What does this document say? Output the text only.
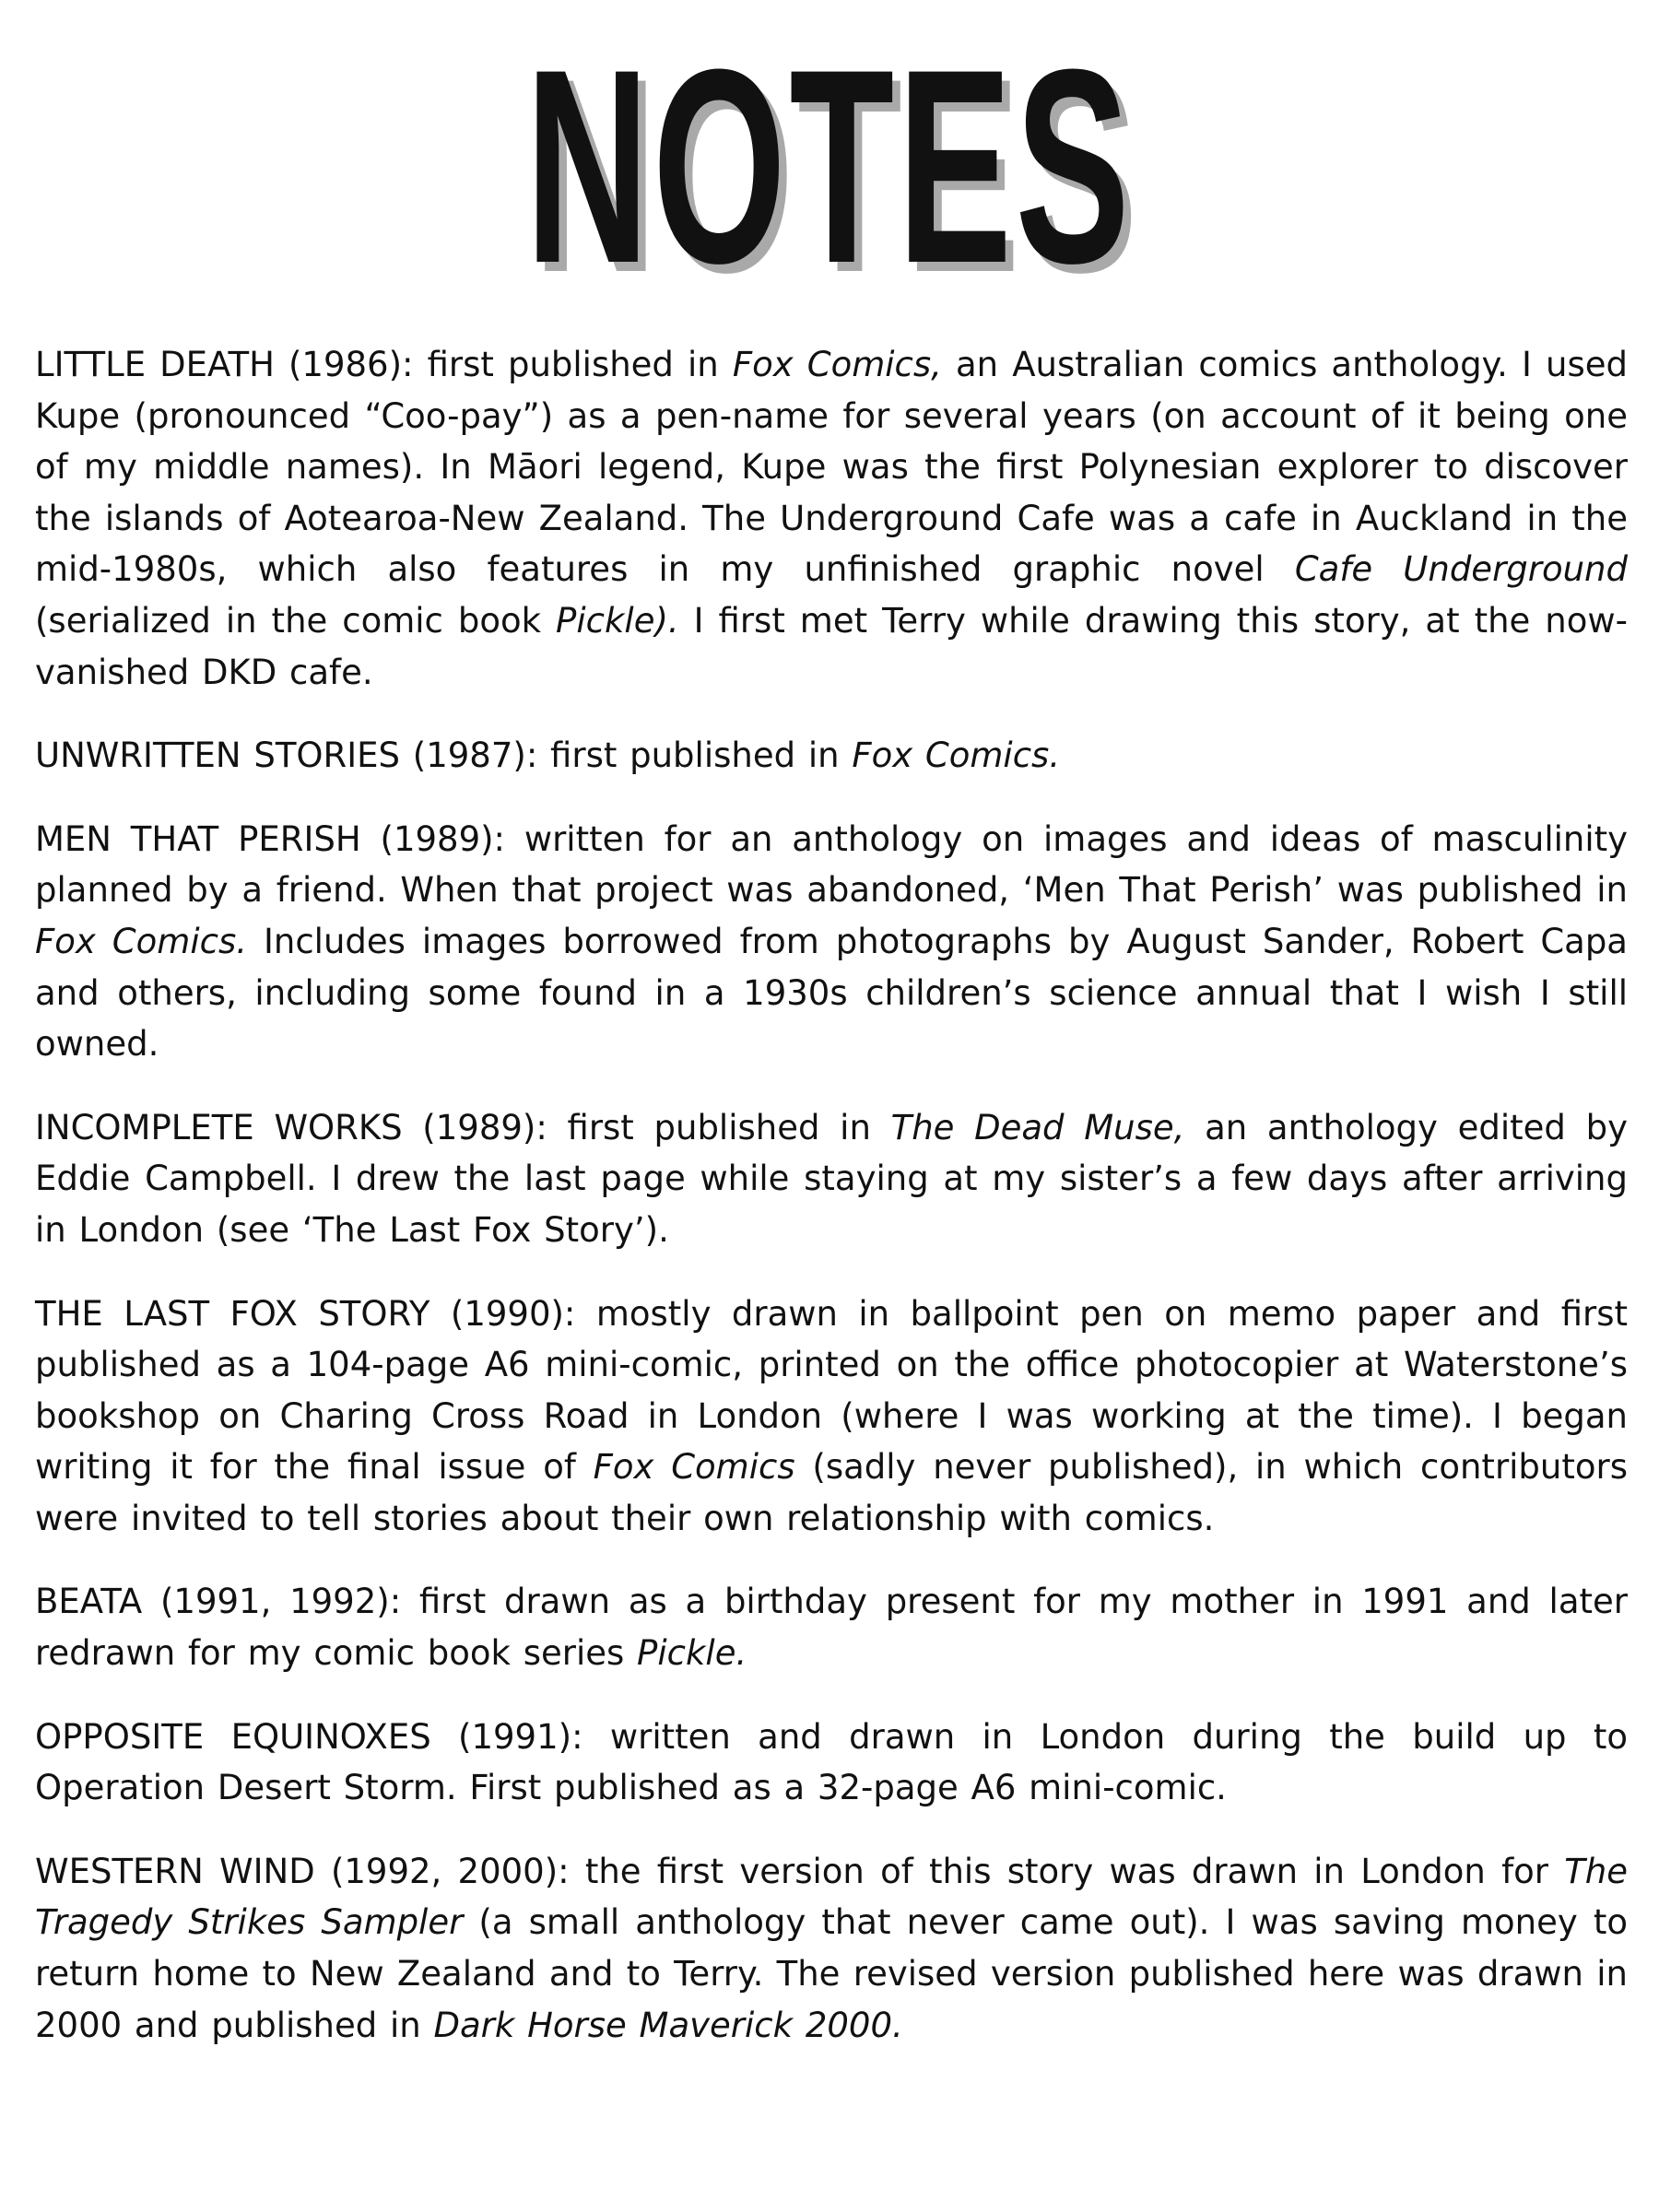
NOTES

LITTLE DEATH (1986): first published in Fox Comics, an Australian comics anthology. I used Kupe (pronounced “Coo-pay”) as a pen-name for several years (on account of it being one of my middle names). In Māori legend, Kupe was the first Polynesian explorer to discover the islands of Aotearoa-New Zealand. The Underground Cafe was a cafe in Auckland in the mid-1980s, which also features in my unfinished graphic novel Cafe Underground (serialized in the comic book Pickle). I first met Terry while drawing this story, at the now-vanished DKD cafe.

UNWRITTEN STORIES (1987): first published in Fox Comics.

MEN THAT PERISH (1989): written for an anthology on images and ideas of masculinity planned by a friend. When that project was abandoned, ‘Men That Perish’ was published in Fox Comics. Includes images borrowed from photographs by August Sander, Robert Capa and others, including some found in a 1930s children’s science annual that I wish I still owned.

INCOMPLETE WORKS (1989): first published in The Dead Muse, an anthology edited by Eddie Campbell. I drew the last page while staying at my sister’s a few days after arriving in London (see ‘The Last Fox Story’).

THE LAST FOX STORY (1990): mostly drawn in ballpoint pen on memo paper and first published as a 104-page A6 mini-comic, printed on the office photocopier at Waterstone’s bookshop on Charing Cross Road in London (where I was working at the time). I began writing it for the final issue of Fox Comics (sadly never published), in which contributors were invited to tell stories about their own relationship with comics.

BEATA (1991, 1992): first drawn as a birthday present for my mother in 1991 and later redrawn for my comic book series Pickle.

OPPOSITE EQUINOXES (1991): written and drawn in London during the build up to Operation Desert Storm. First published as a 32-page A6 mini-comic.

WESTERN WIND (1992, 2000): the first version of this story was drawn in London for The Tragedy Strikes Sampler (a small anthology that never came out). I was saving money to return home to New Zealand and to Terry. The revised version published here was drawn in 2000 and published in Dark Horse Maverick 2000.
